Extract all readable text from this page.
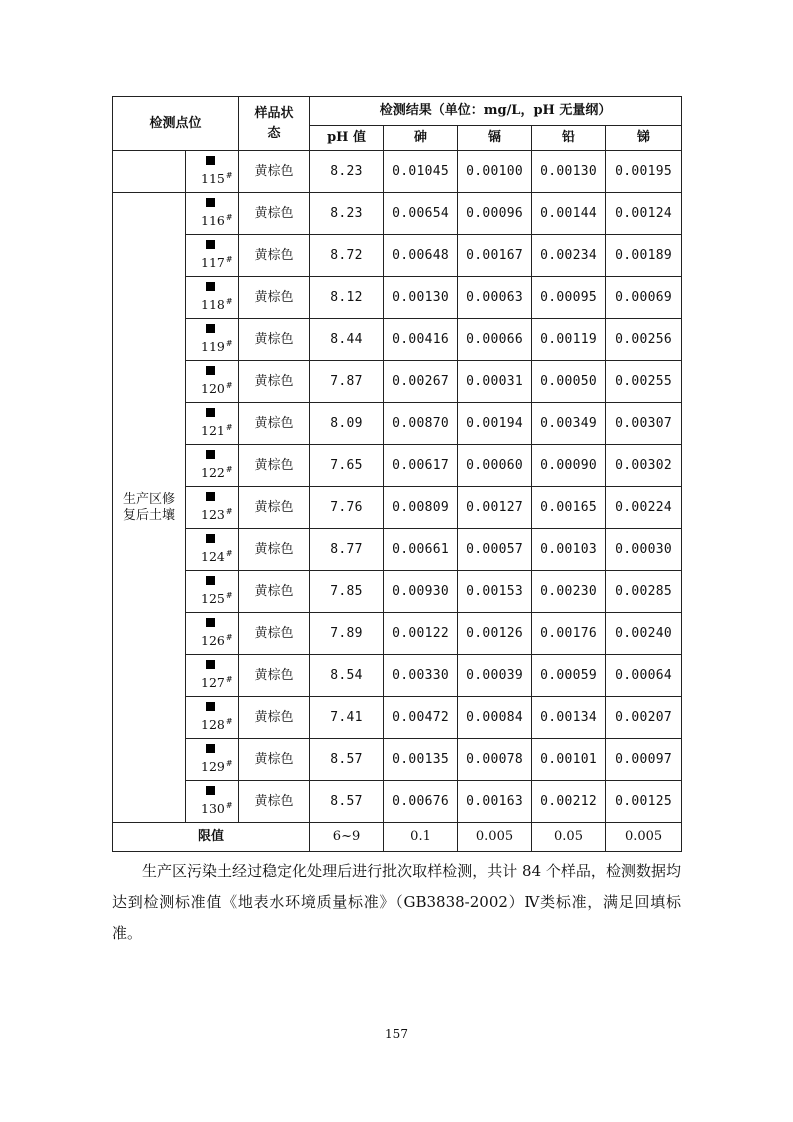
检测点位		样品状态	检测结果（单位：mg/L，pH 无量纲）				
			pH 值	砷	镉	铅	锑

	115#	黄棕色	8.23	0.01045	0.00100	0.00130	0.00195
生产区修复后土壤	116#	黄棕色	8.23	0.00654	0.00096	0.00144	0.00124

	117#	黄棕色	8.72	0.00648	0.00167	0.00234	0.00189

	118#	黄棕色	8.12	0.00130	0.00063	0.00095	0.00069

	119#	黄棕色	8.44	0.00416	0.00066	0.00119	0.00256

	120#	黄棕色	7.87	0.00267	0.00031	0.00050	0.00255

	121#	黄棕色	8.09	0.00870	0.00194	0.00349	0.00307

	122#	黄棕色	7.65	0.00617	0.00060	0.00090	0.00302

	123#	黄棕色	7.76	0.00809	0.00127	0.00165	0.00224

	124#	黄棕色	8.77	0.00661	0.00057	0.00103	0.00030

	125#	黄棕色	7.85	0.00930	0.00153	0.00230	0.00285

	126#	黄棕色	7.89	0.00122	0.00126	0.00176	0.00240

	127#	黄棕色	8.54	0.00330	0.00039	0.00059	0.00064

	128#	黄棕色	7.41	0.00472	0.00084	0.00134	0.00207

	129#	黄棕色	8.57	0.00135	0.00078	0.00101	0.00097

	130#	黄棕色	8.57	0.00676	0.00163	0.00212	0.00125
限值			6~9	0.1	0.005	0.05	0.005

生产区污染土经过稳定化处理后进行批次取样检测，共计 84 个样品，检测数据均达到检测标准值《地表水环境质量标准》（GB3838-2002）Ⅳ类标准，满足回填标准。

157
